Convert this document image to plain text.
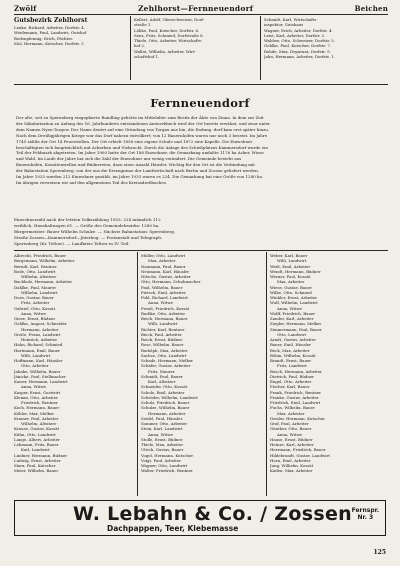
Zwölf	Zehlhorst—Fernneuendorf	Beichen
Gutsbezirk Zehlhorst
Lenke, Richard, Arbeiter, Dorfstr. 4.
Weidemann, Paul, Landwirt, Gutshof
Bodenpfennig, Erich, Pächter.
Mol, Hermann, Kutscher, Dorfstr. 3
Kellert, Adolf, Oberschweizer, Dorf-
straße 1.
Löbke, Paul, Kutscher, Dorfstr. 6.
Senz, Fritz, Schmied, Dorfstraße 8.
Thiele, Otto, Arbeiter, Wirtschafts-
hof 2.
Wallat, Wilhelm, Arbeiter, Wirt-
schaftshof 1.
Schmidt, Karl, Wirtschafts-
inspektor, Gutshaus
Wagner, Erich, Arbeiter, Dorfstr. 4.
Leist, Karl, Arbeiter, Dorfstr. 2.
Waldow, Otto, Schweizer, Dorfstr. 5.
Gohlke, Paul, Kutscher, Dorfstr. 7.
Rohde, Max, Deputant, Dorfstr. 9.
Jahn, Hermann, Arbeiter, Dorfstr. 1.
Fernneuendorf
Der alte, seit zu Sperenberg eingepfarrte Rundling gehörte im Mittelalter zum Besitz der Äbte von Zinna. In dem zur Zeit
der Säkularisation zu Anfang des 16. Jahrhunderts entstandenen Amtserbbuch wird der Ort bereits erwähnt, und zwar unter
dem Namen Nyen-Torgow. Der Name deutet auf eine Gründung von Torgau aus hin, die Endung -dorf kam erst später hinzu.
Nach dem Dreißigjährigen Kriege war das Dorf nahezu entvölkert; von 12 Bauernhöfen waren nur noch 3 besetzt. Im Jahre
1745 zählte der Ort 14 Feuerstellen. Der Ort erhielt 1856 eine eigene Schule und 1872 eine Kapelle. Die Einwohner
beschäftigten sich hauptsächlich mit Ackerbau und Viehzucht. Durch die Anlage des Schießplatzes Kummersdorf wurde ein
Teil der Feldmark abgetreten. Im Jahre 1900 hatte der Ort 188 Einwohner, die Gemarkung umfaßte 1176 ha Acker, Wiese
und Wald. Im Laufe der Jahre hat sich die Zahl der Einwohner nur wenig verändert. Die Gemeinde besteht aus
Bauernhöfen, Kossätenstellen und Büdnereien, dazu einer Anzahl Häusler. Wichtig für den Ort ist die Verbindung mit
der Bahnstation Sperenberg, von der aus die Erzeugnisse der Landwirtschaft nach Berlin und Zossen geliefert werden.
Im Jahre 1925 wurden 212 Einwohner gezählt, im Jahre 1933 waren es 224. Die Gemarkung hat eine Größe von 1280 ha.
Im übrigen verweisen wir auf den allgemeinen Teil des Kreisadreßbuches.
Einwohnerzahl nach der letzten Volkszählung 1933: 224 männlich 112
weiblich, Haushaltungen 61. — Größe des Gemeindebezirks: 1280 ha.
Bürgermeister: Bauer Wilhelm Schulze. — Nächste Bahnstation: Sperenberg.
Straße Zossen—Kummersdorf—Jüterbog. — Postanstalt und Telegraph:
Sperenberg (Kr. Teltow). — Landkreis Teltow in IV. Teil.
Albrecht, Friedrich, Bauer
Bergemann, Wilhelm, Arbeiter
Berndt, Karl, Rentner
Bode, Otto, Landwirt
Wilhelm, Altsitzer
Buchholz, Hermann, Arbeiter
Dahlke, Paul, Maurer
Wilhelm, Landwirt
Dorn, Gustav, Bauer
Fritz, Arbeiter
Gabriel, Otto, Kossät
Anna, Witwe
Giese, Ernst, Büdner
Gohlke, August, Schneider
Hermann, Arbeiter
Große, Franz, Landwirt
Heinrich, Arbeiter
Hahn, Richard, Schmied
Hartmann, Emil, Bauer
Willi, Landwirt
Hoffmann, Karl, Häusler
Otto, Arbeiter
Jahnke, Wilhelm, Bauer
Jänicke, Paul, Stellmacher
Kaiser, Hermann, Landwirt
Anna, Witwe
Kasper, Ernst, Gastwirt
Klemm, Otto, Arbeiter
Friedrich, Rentner
Koch, Hermann, Bauer
Köhler, Max, Melker
Kramer, Paul, Arbeiter
Wilhelm, Altsitzer
Krause, Gustav, Kossät
Kühn, Otto, Landwirt
Lange, Albert, Arbeiter
Lehmann, Fritz, Bauer
Karl, Landwirt
Lindner, Hermann, Büdner
Ludwig, Ernst, Arbeiter
Marx, Paul, Kutscher
Meier, Wilhelm, Bauer
Müller, Otto, Landwirt
Max, Arbeiter
Naumann, Paul, Bauer
Neumann, Karl, Häusler
Nitsche, Gustav, Arbeiter
Otto, Hermann, Schuhmacher
Paul, Wilhelm, Bauer
Pietsch, Emil, Arbeiter
Pohl, Richard, Landwirt
Anna, Witwe
Preuß, Friedrich, Kossät
Radtke, Otto, Arbeiter
Reich, Hermann, Bauer
Willi, Landwirt
Richter, Karl, Rentner
Rieck, Paul, Arbeiter
Roick, Ernst, Büdner
Rose, Wilhelm, Bauer
Rudolph, Max, Arbeiter
Sachse, Otto, Landwirt
Schade, Hermann, Melker
Schäfer, Gustav, Arbeiter
Fritz, Maurer
Schmidt, Paul, Bauer
Karl, Altsitzer
Schneider, Otto, Kossät
Scholz, Emil, Arbeiter
Schröder, Wilhelm, Landwirt
Schulz, Friedrich, Bauer
Schulze, Wilhelm, Bauer
Hermann, Arbeiter
Seidel, Paul, Häusler
Sommer, Otto, Arbeiter
Stein, Karl, Landwirt
Anna, Witwe
Stolle, Ernst, Büdner
Thiele, Max, Arbeiter
Ulrich, Gustav, Bauer
Vogel, Hermann, Kutscher
Voigt, Paul, Arbeiter
Wagner, Otto, Landwirt
Walter, Friedrich, Rentner
Weber, Karl, Bauer
Willi, Landwirt
Weiß, Emil, Arbeiter
Wendt, Hermann, Büdner
Werner, Paul, Kossät
Max, Arbeiter
Wiese, Gustav, Bauer
Wilke, Otto, Schmied
Winkler, Ernst, Arbeiter
Wolf, Wilhelm, Landwirt
Anna, Witwe
Wolff, Friedrich, Bauer
Zander, Karl, Arbeiter
Ziegler, Hermann, Melker
Zimmermann, Paul, Bauer
Otto, Landwirt
Arndt, Gustav, Arbeiter
Bauer, Emil, Häusler
Beck, Max, Arbeiter
Böhm, Wilhelm, Kossät
Brandt, Ernst, Bauer
Fritz, Landwirt
Busch, Hermann, Arbeiter
Dietrich, Paul, Büdner
Engel, Otto, Arbeiter
Fischer, Karl, Bauer
Frank, Friedrich, Rentner
Franke, Gustav, Arbeiter
Friedrich, Emil, Landwirt
Fuchs, Wilhelm, Bauer
Max, Arbeiter
Geisler, Hermann, Kutscher
Graf, Paul, Arbeiter
Günther, Otto, Bauer
Anna, Witwe
Haase, Ernst, Büdner
Heinze, Karl, Arbeiter
Herrmann, Friedrich, Bauer
Hildebrandt, Gustav, Landwirt
Horn, Emil, Arbeiter
Jung, Wilhelm, Kossät
Kaden, Max, Arbeiter
W. Lebahn & Co. / Zossen
Dachpappen, Teer, Klebemasse
Fernspr.
Nr. 3
125
